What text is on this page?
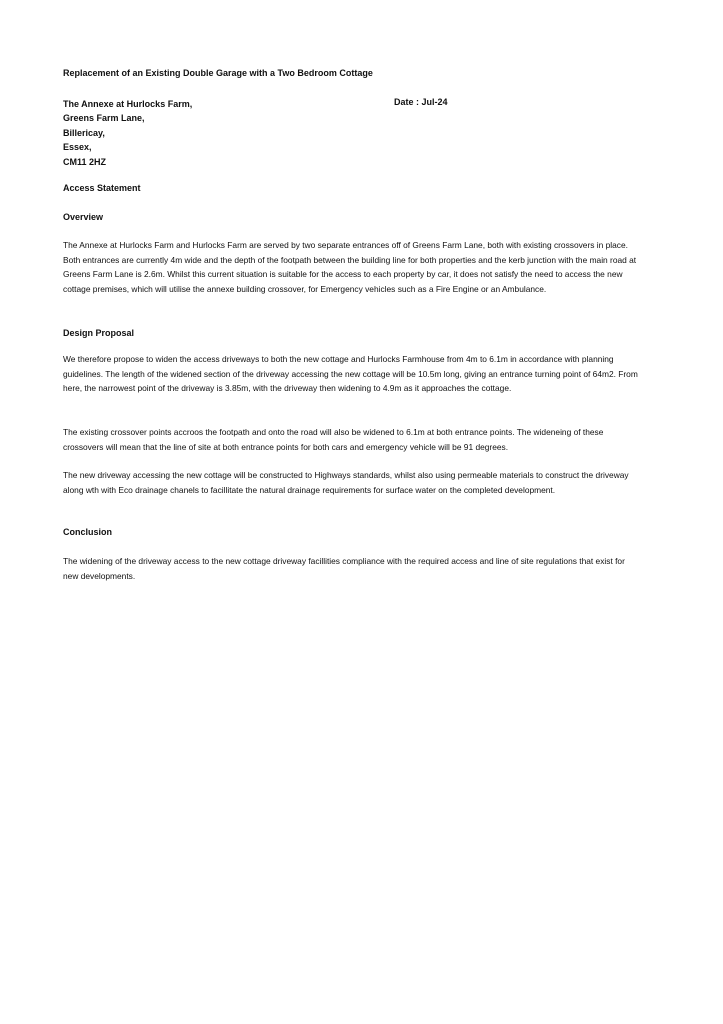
Replacement of an Existing Double Garage with a Two Bedroom Cottage
The Annexe at Hurlocks Farm,
Greens Farm Lane,
Billericay,
Essex,
CM11 2HZ
Date : Jul-24
Access Statement
Overview
The Annexe at Hurlocks Farm and Hurlocks Farm are served by two separate entrances off of Greens Farm Lane, both with existing crossovers in place. Both entrances are currently 4m wide and the depth of the footpath between the building line for both properties and the kerb junction with the main road at Greens Farm Lane is 2.6m. Whilst this current situation is suitable for the access to each property by car, it does not satisfy the need to access the new cottage premises, which will utilise the annexe building crossover, for Emergency vehicles such as a Fire Engine or an Ambulance.
Design Proposal
We therefore propose to widen the access driveways to both the new cottage and Hurlocks Farmhouse from 4m to 6.1m in accordance with planning guidelines. The length of the widened section of the driveway accessing the new cottage will be 10.5m long, giving an entrance turning point of 64m2. From here, the narrowest point of the driveway is 3.85m, with the driveway then widening to 4.9m as it approaches the cottage.
The existing crossover points accroos the footpath and onto the road will also be widened to 6.1m at both entrance points. The wideneing of these crossovers will mean that the line of site at both entrance points for both cars and emergency vehicle will be 91 degrees.
The new driveway accessing the new cottage will be constructed to Highways standards, whilst also using permeable materials to construct the driveway along wth with Eco drainage chanels to facillitate the natural drainage requirements for surface water on the completed development.
Conclusion
The widening of the driveway access to the new cottage driveway facillities compliance with the required access and line of site regulations that exist for new developments.
